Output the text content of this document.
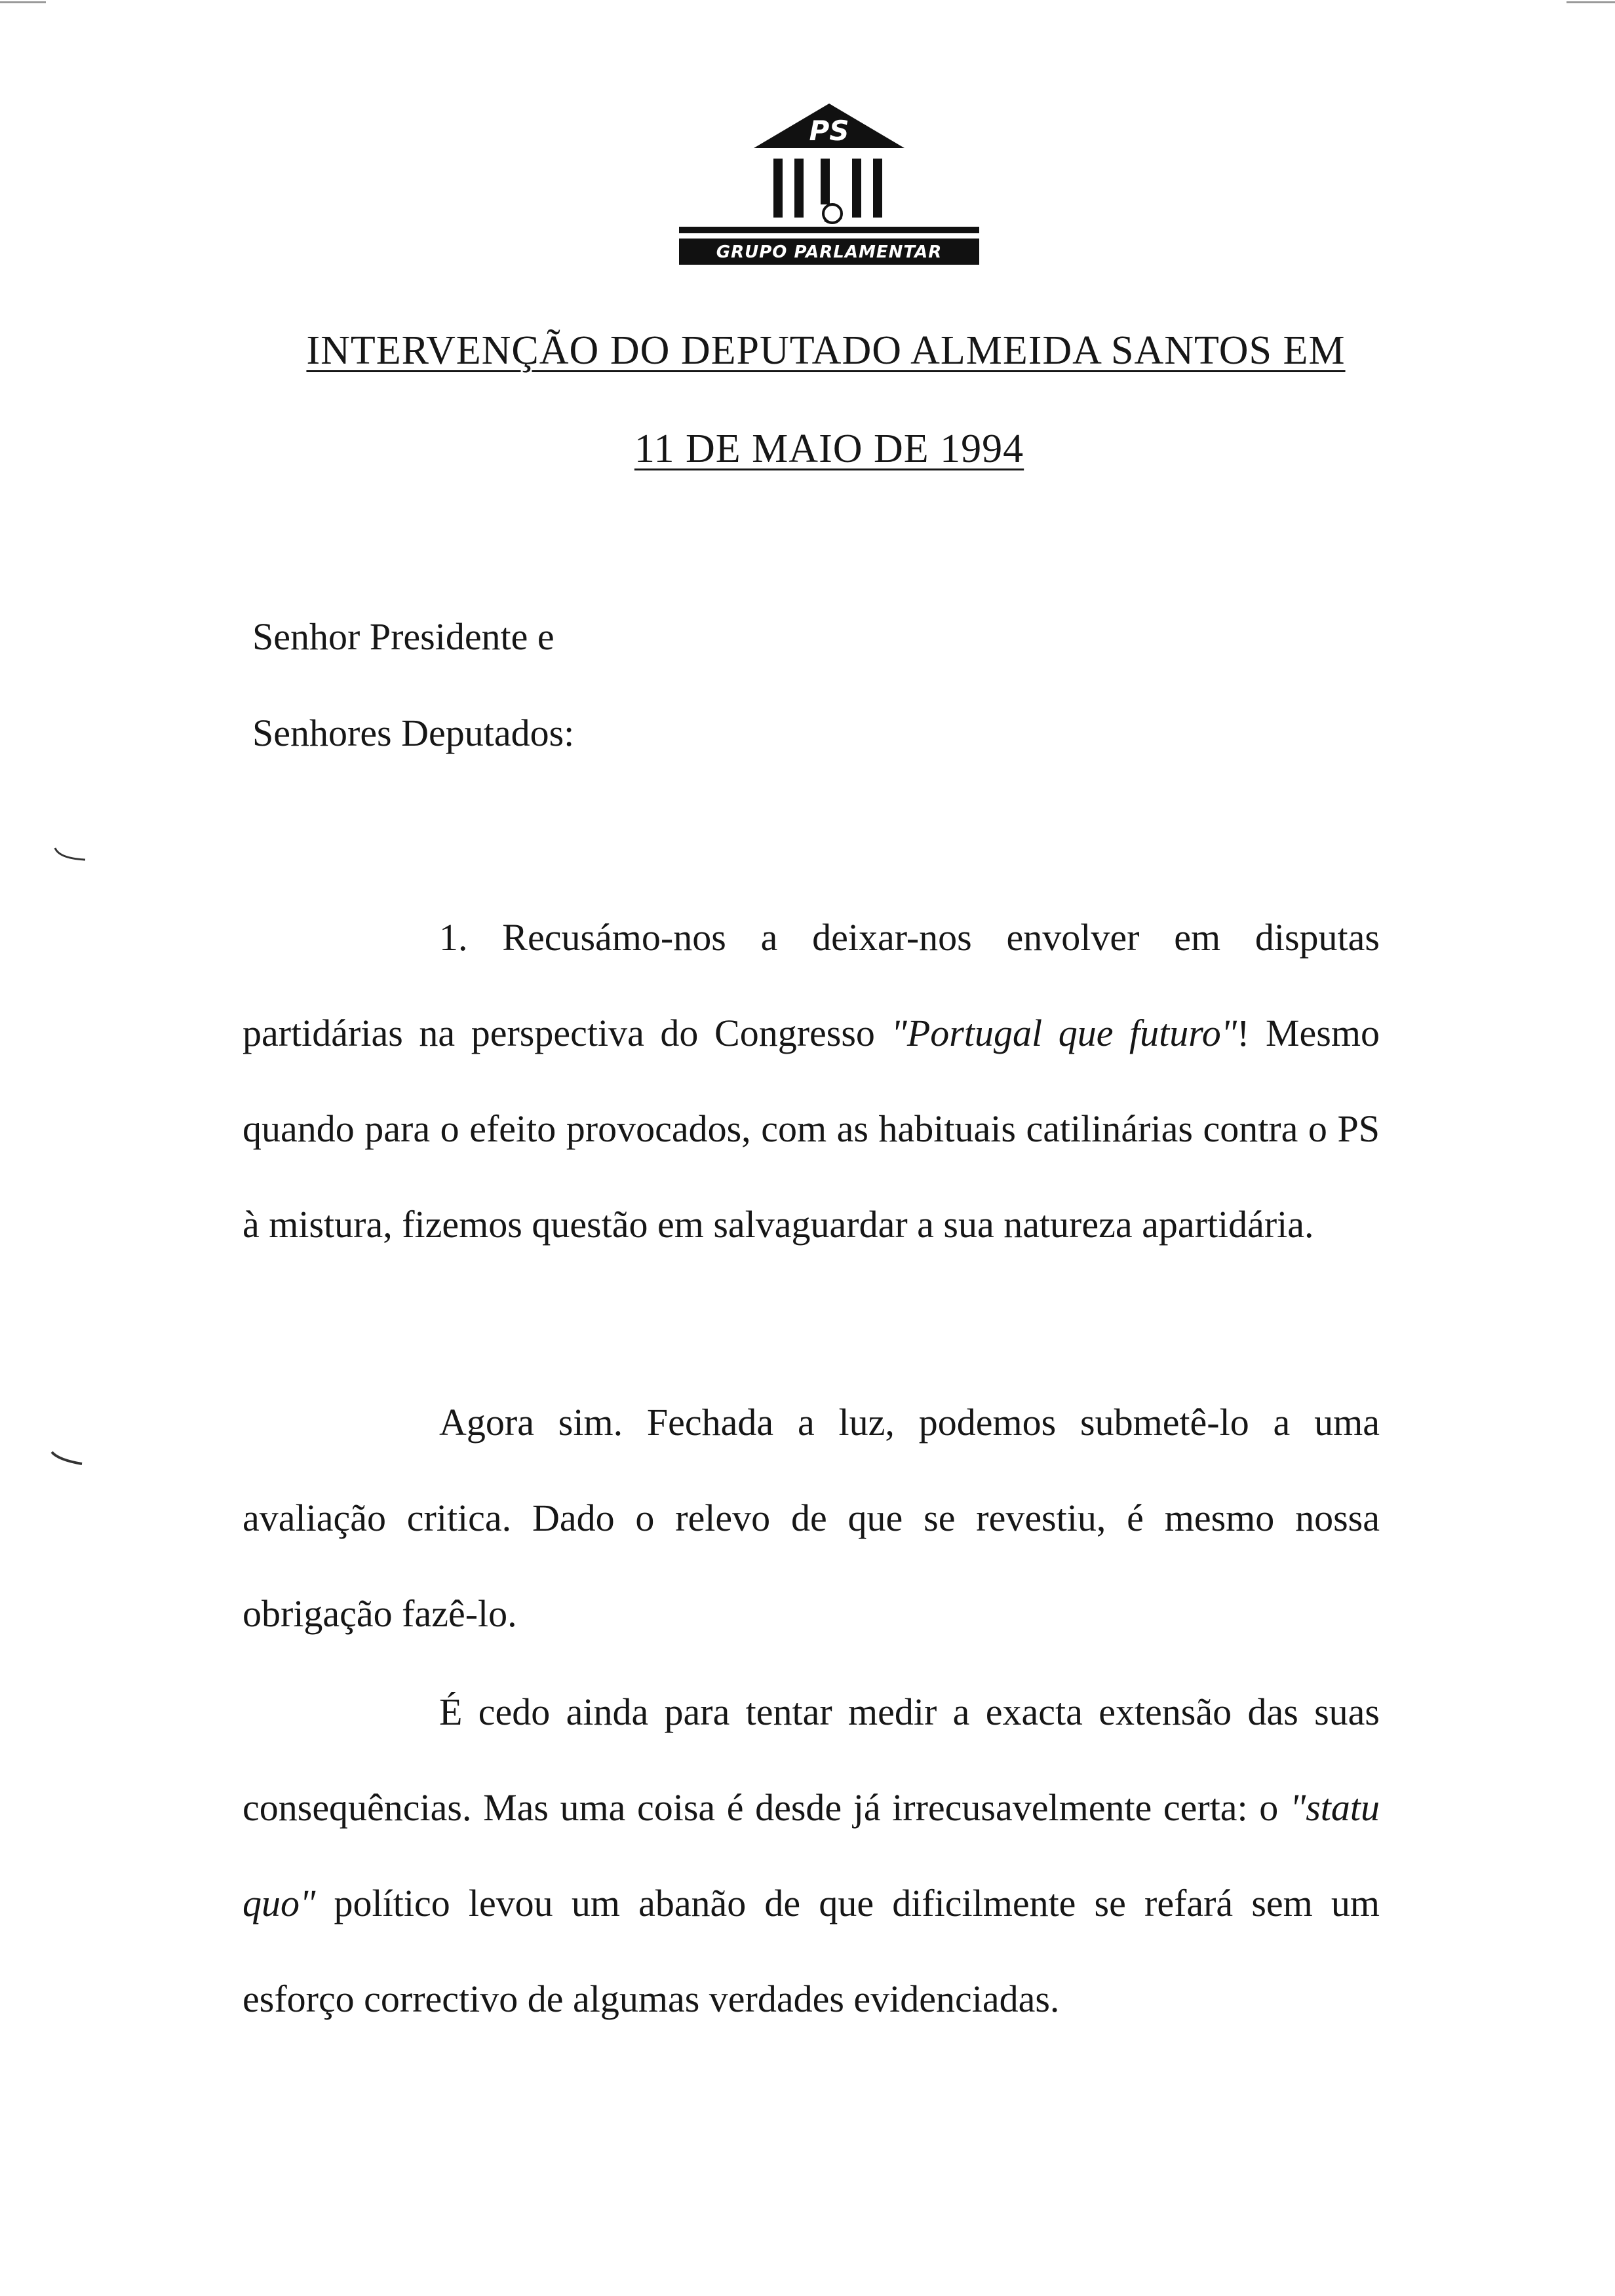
PS
GRUPO PARLAMENTAR
INTERVENÇÃO DO DEPUTADO ALMEIDA SANTOS EM
11 DE MAIO DE 1994
Senhor Presidente e
Senhores Deputados:
1. Recusámo-nos a deixar-nos envolver em disputas partidárias na perspectiva do Congresso "Portugal que futuro"! Mesmo quando para o efeito provocados, com as habituais catilinárias contra o PS à mistura, fizemos questão em salvaguardar a sua natureza apartidária.
Agora sim. Fechada a luz, podemos submetê-lo a uma avaliação critica. Dado o relevo de que se revestiu, é mesmo nossa obrigação fazê-lo.
É cedo ainda para tentar medir a exacta extensão das suas consequências. Mas uma coisa é desde já irrecusavelmente certa: o "statu quo" político levou um abanão de que dificilmente se refará sem um esforço correctivo de algumas verdades evidenciadas.
